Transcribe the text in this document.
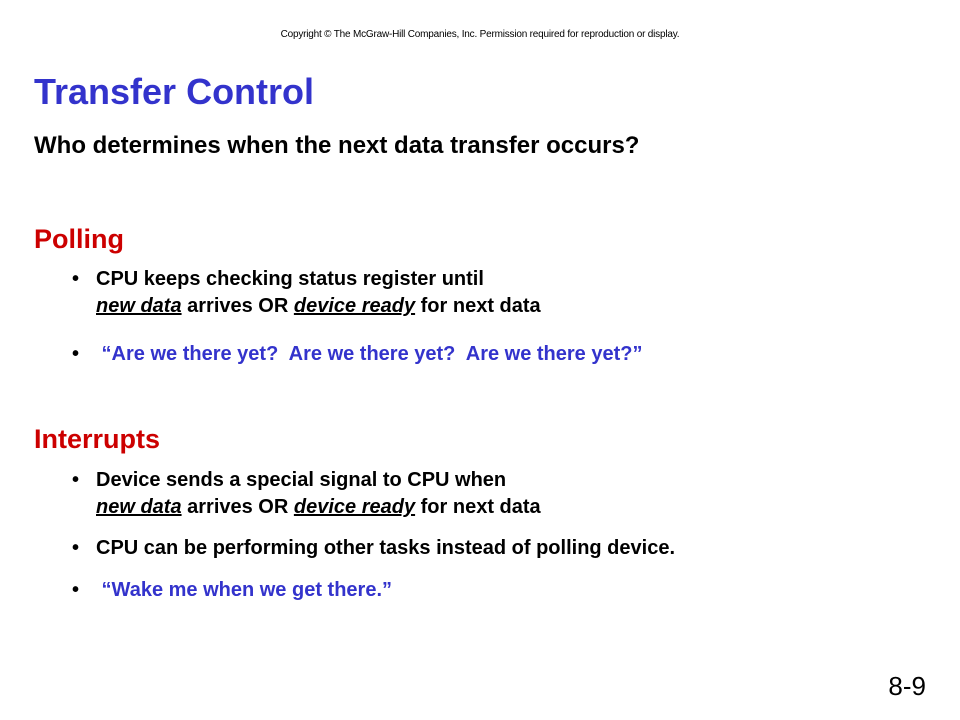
Copyright © The McGraw-Hill Companies, Inc. Permission required for reproduction or display.
Transfer Control
Who determines when the next data transfer occurs?
Polling
• CPU keeps checking status register until
new data arrives OR device ready for next data
• “Are we there yet?  Are we there yet?  Are we there yet?”
Interrupts
• Device sends a special signal to CPU when
new data arrives OR device ready for next data
• CPU can be performing other tasks instead of polling device.
• “Wake me when we get there.”
8-9
